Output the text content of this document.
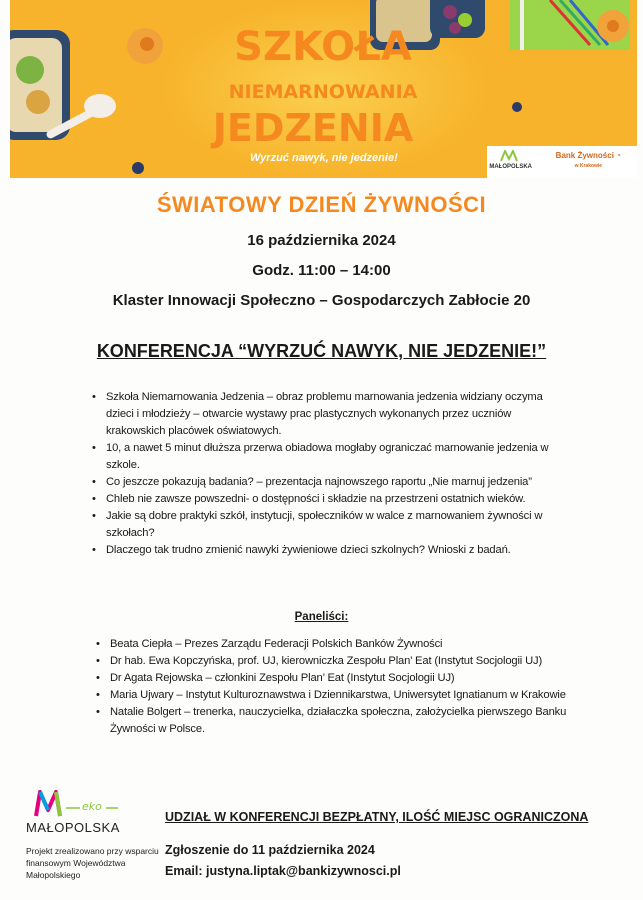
SZKOŁA
NIEMARNOWANIA
JEDZENIA
Wyrzuć nawyk, nie jedzenie!

MAŁOPOLSKA
Bank Żywności ◔
w Krakowie
ŚWIATOWY DZIEŃ ŻYWNOŚCI
16 października 2024
Godz. 11:00 – 14:00
Klaster Innowacji Społeczno – Gospodarczych Zabłocie 20
KONFERENCJA “WYRZUĆ NAWYK, NIE JEDZENIE!”
• Szkoła Niemarnowania Jedzenia – obraz problemu marnowania jedzenia widziany oczyma dzieci i młodzieży – otwarcie wystawy prac plastycznych wykonanych przez uczniów krakowskich placówek oświatowych.
• 10, a nawet 5 minut dłuższa przerwa obiadowa mogłaby ograniczać marnowanie jedzenia w szkole.
• Co jeszcze pokazują badania? – prezentacja najnowszego raportu „Nie marnuj jedzenia”
• Chleb nie zawsze powszedni- o dostępności i składzie na przestrzeni ostatnich wieków.
• Jakie są dobre praktyki szkół, instytucji, społeczników w walce z marnowaniem żywności w szkołach?
• Dlaczego tak trudno zmienić nawyki żywieniowe dzieci szkolnych? Wnioski z badań.
Paneliści:
• Beata Ciepła – Prezes Zarządu Federacji Polskich Banków Żywności
• Dr hab. Ewa Kopczyńska, prof. UJ, kierowniczka Zespołu Plan’ Eat (Instytut Socjologii UJ)
• Dr Agata Rejowska – członkini Zespołu Plan’ Eat (Instytut Socjologii UJ)
• Maria Ujwary – Instytut Kulturoznawstwa i Dziennikarstwa, Uniwersytet Ignatianum w Krakowie
• Natalie Bolgert – trenerka, nauczycielka, działaczka społeczna, założycielka pierwszego Banku Żywności w Polsce.
eko
MAŁOPOLSKA
Projekt zrealizowano przy wsparciu finansowym Województwa Małopolskiego
UDZIAŁ W KONFERENCJI BEZPŁATNY, ILOŚĆ MIEJSC OGRANICZONA
Zgłoszenie do 11 października 2024
Email: justyna.liptak@bankizywnosci.pl
